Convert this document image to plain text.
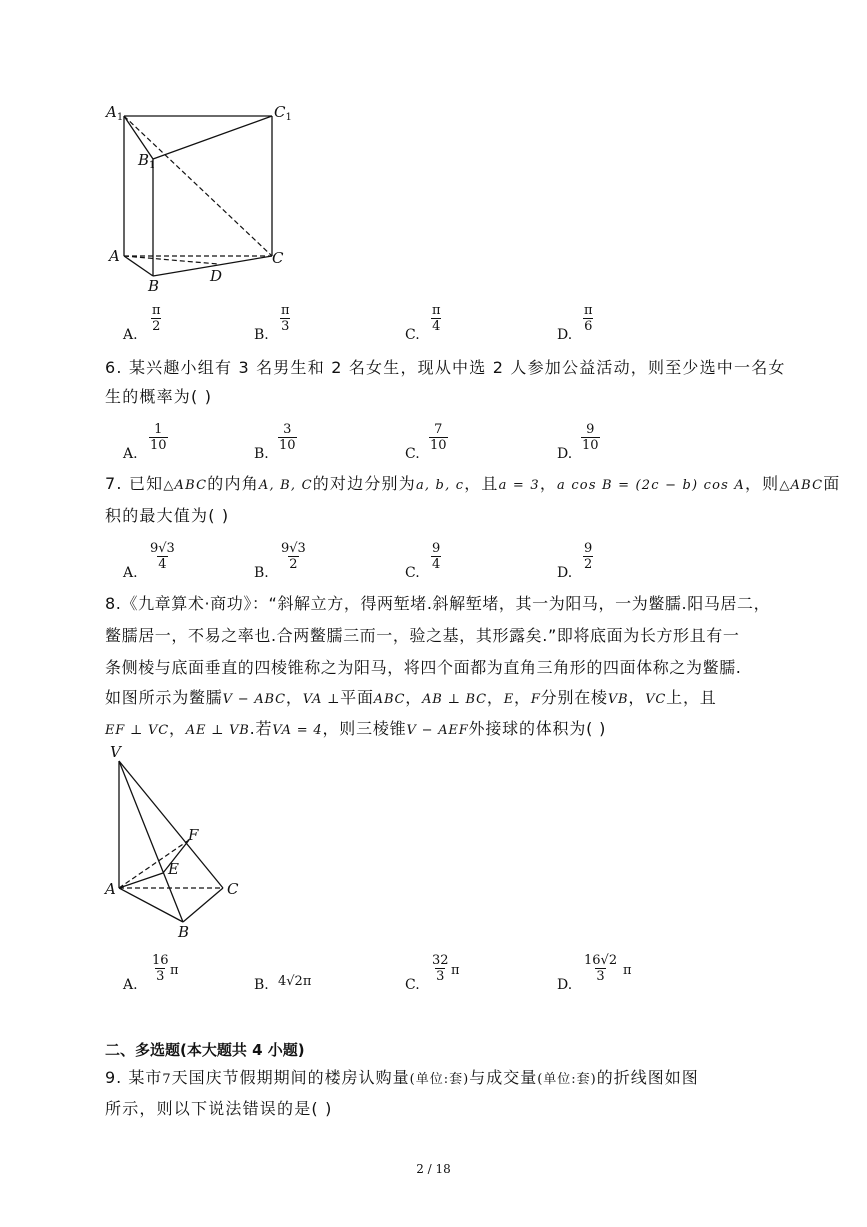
$A_1$	$C_1$
$B_1$
A	C
B
D
A.
$\frac{\pi}{2}$
B.
$\frac{\pi}{3}$
C.
$\frac{\pi}{4}$
D.
$\frac{\pi}{6}$
6. 某兴趣小组有 3 名男生和 2 名女生，现从中选 2 人参加公益活动，则至少选中一名女
生的概率为( )
A.
$\frac{1}{10}$
B.
$\frac{3}{10}$
C.
$\frac{7}{10}$
D.
$\frac{9}{10}$
7. 已知△ABC的内角A, B, C的对边分别为a, b, c，且a = 3，a cos B = (2c − b) cos A，则△ABC面
积的最大值为( )
A.
$\frac{9√3}{4}$
B.
$\frac{9√3}{2}$
C.
$\frac{9}{4}$
D.
$\frac{9}{2}$
8.《九章算术·商功》：“斜解立方，得两堑堵.斜解堑堵，其一为阳马，一为鳖臑.阳马居二，
鳖臑居一，不易之率也.合两鳖臑三而一，验之基，其形露矣.”即将底面为长方形且有一
条侧棱与底面垂直的四棱锥称之为阳马，将四个面都为直角三角形的四面体称之为鳖臑.
如图所示为鳖臑V − ABC，VA ⊥平面ABC，AB ⊥ BC，E，F分别在棱VB，VC上，且
EF ⊥ VC，AE ⊥ VB.若VA = 4，则三棱锥V − AEF外接球的体积为( )
V
F
E
A	C
B
A.
$\frac{16}{3}$ π
B. 4√2π	C.
$\frac{32}{3}$ π
D.
$\frac{16√2}{3}$ π
二、多选题(本大题共 4 小题)
9. 某市7天国庆节假期期间的楼房认购量(单位:套)与成交量(单位:套)的折线图如图
所示，则以下说法错误的是( )
2 / 18
